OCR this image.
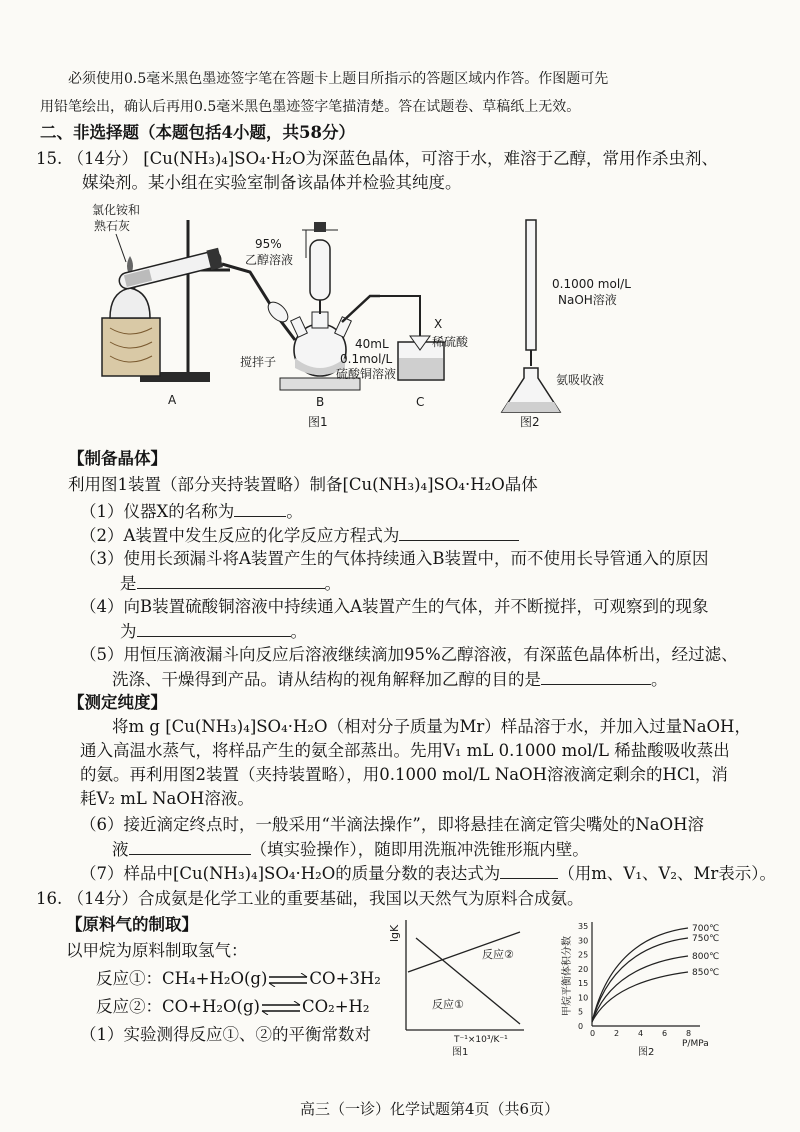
必须使用0.5毫米黑色墨迹签字笔在答题卡上题目所指示的答题区域内作答。作图题可先
用铅笔绘出，确认后再用0.5毫米黑色墨迹签字笔描清楚。答在试题卷、草稿纸上无效。
二、非选择题（本题包括4小题，共58分）
15. （14分） [Cu(NH₃)₄]SO₄·H₂O为深蓝色晶体，可溶于水，难溶于乙醇，常用作杀虫剂、
媒染剂。某小组在实验室制备该晶体并检验其纯度。
氯化铵和
熟石灰
95%
乙醇溶液
40mL
0.1mol/L
硫酸铜溶液
搅拌子
X
稀硫酸
A	B	C
图1
0.1000 mol/L
NaOH溶液
氨吸收液
图2
【制备晶体】
利用图1装置（部分夹持装置略）制备[Cu(NH₃)₄]SO₄·H₂O晶体
（1）仪器X的名称为	。
（2）A装置中发生反应的化学反应方程式为
（3）使用长颈漏斗将A装置产生的气体持续通入B装置中，而不使用长导管通入的原因
是	。
（4）向B装置硫酸铜溶液中持续通入A装置产生的气体，并不断搅拌，可观察到的现象
为	。
（5）用恒压滴液漏斗向反应后溶液继续滴加95%乙醇溶液，有深蓝色晶体析出，经过滤、
洗涤、干燥得到产品。请从结构的视角解释加乙醇的目的是	。
【测定纯度】
将m g [Cu(NH₃)₄]SO₄·H₂O（相对分子质量为Mr）样品溶于水，并加入过量NaOH，
通入高温水蒸气，将样品产生的氨全部蒸出。先用V₁ mL 0.1000 mol/L 稀盐酸吸收蒸出
的氨。再利用图2装置（夹持装置略），用0.1000 mol/L NaOH溶液滴定剩余的HCl，消
耗V₂ mL NaOH溶液。
（6）接近滴定终点时，一般采用“半滴法操作”，即将悬挂在滴定管尖嘴处的NaOH溶
液	（填实验操作），随即用洗瓶冲洗锥形瓶内壁。
（7）样品中[Cu(NH₃)₄]SO₄·H₂O的质量分数的表达式为	（用m、V₁、V₂、Mr表示）。
16. （14分）合成氨是化学工业的重要基础，我国以天然气为原料合成氨。
【原料气的制取】
以甲烷为原料制取氢气：
反应①：CH₄+H₂O(g)⇌CO+3H₂
反应②：CO+H₂O(g)⇌CO₂+H₂
（1）实验测得反应①、②的平衡常数对
lgK
反应②
反应①
T⁻¹×10³/K⁻¹
图1
甲烷平衡体积分数
35
30
25
20
15
10
5
0
0 2 4 6 8
700℃
750℃
800℃
850℃
P/MPa
图2
高三（一诊）化学试题第4页（共6页）
